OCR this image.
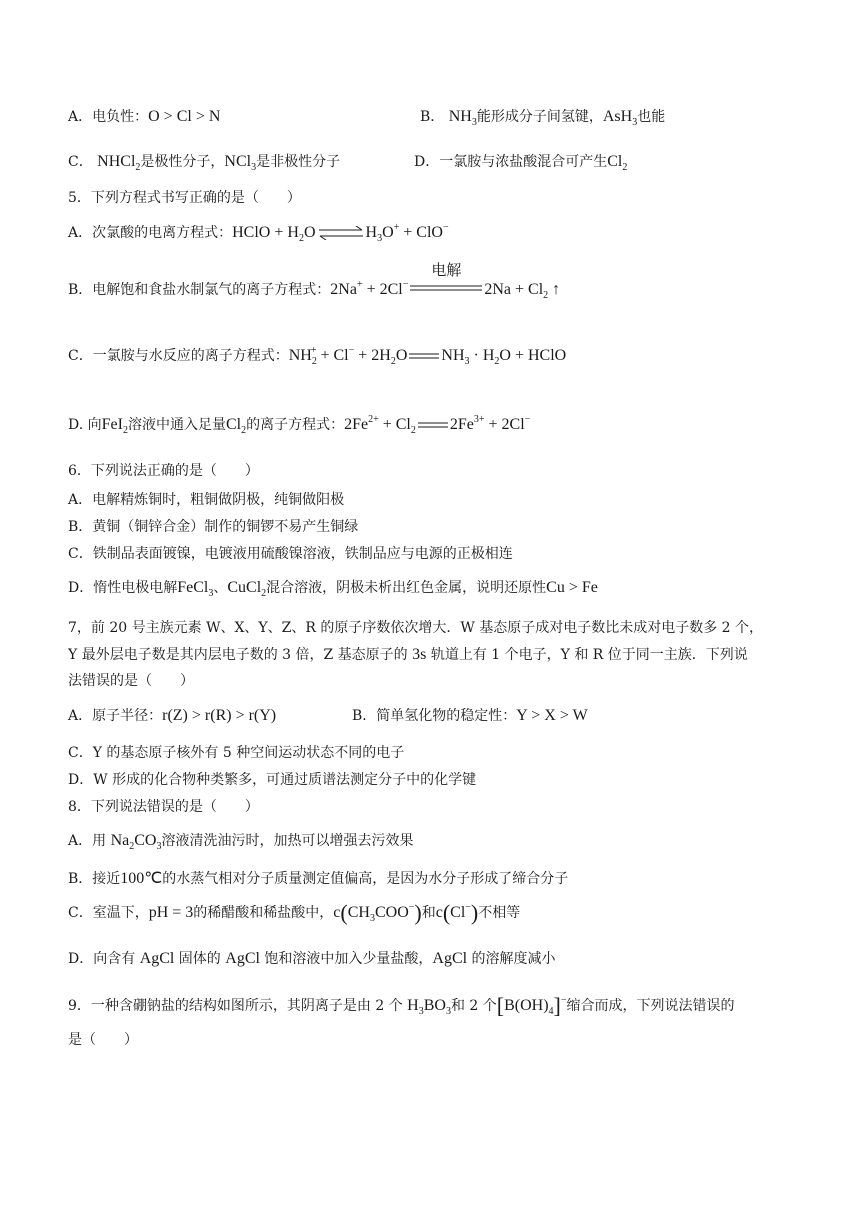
A．电负性：O > Cl > N	B． $NH_3$能形成分子间氢键，AsH$_3$也能
C． NHCl$_2$是极性分子，NCl$_3$是非极性分子	D．一氯胺与浓盐酸混合可产生$Cl_2$
5．下列方程式书写正确的是（　　）
A．次氯酸的电离方程式：HClO + $H_2O$ ⇌ $H_3O^+ + ClO^-$
B．电解饱和食盐水制氯气的离子方程式：2Na+ + 2Cl−
电解
$2Na + Cl_2$ ↑
C．一氯胺与水反应的离子方程式：$NH_2^+ + Cl^- + 2H_2O$ $NH_3 \cdot H_2O$ + HClO
D. 向FeI$_2$溶液中通入足量$Cl_2$的离子方程式：$2Fe^{2+} + Cl_2$ $2Fe^{3+} + 2Cl^-$
6．下列说法正确的是（　　）
A．电解精炼铜时，粗铜做阴极，纯铜做阳极
B．黄铜（铜锌合金）制作的铜锣不易产生铜绿
C．铁制品表面镀镍，电镀液用硫酸镍溶液，铁制品应与电源的正极相连
D．惰性电极电解FeCl$_3$、CuCl$_2$混合溶液，阴极未析出红色金属，说明还原性Cu > Fe
7，前 20 号主族元素 W、X、Y、Z、R 的原子序数依次增大．W 基态原子成对电子数比未成对电子数多 2 个，
Y 最外层电子数是其内层电子数的 3 倍，Z 基态原子的 3s 轨道上有 1 个电子，Y 和 R 位于同一主族．下列说
法错误的是（　　）
A．原子半径：r(Z) > r(R) > r(Y)	B．简单氢化物的稳定性：Y > X > W
C．Y 的基态原子核外有 5 种空间运动状态不同的电子
D．W 形成的化合物种类繁多，可通过质谱法测定分子中的化学键
8．下列说法错误的是（　　）
A．用 $Na_2CO_3$溶液清洗油污时，加热可以增强去污效果
B．接近100℃的水蒸气相对分子质量测定值偏高，是因为水分子形成了缔合分子
C．室温下，pH = 3的稀醋酸和稀盐酸中，$c(CH_3COO^-)$和c(Cl−)不相等
D．向含有 AgCl 固体的 AgCl 饱和溶液中加入少量盐酸，AgCl 的溶解度减小
9．一种含硼钠盐的结构如图所示，其阴离子是由 2 个 $H_3BO_3$和 2 个$[B(OH)_4]^-$缩合而成，下列说法错误的
是（　　）
